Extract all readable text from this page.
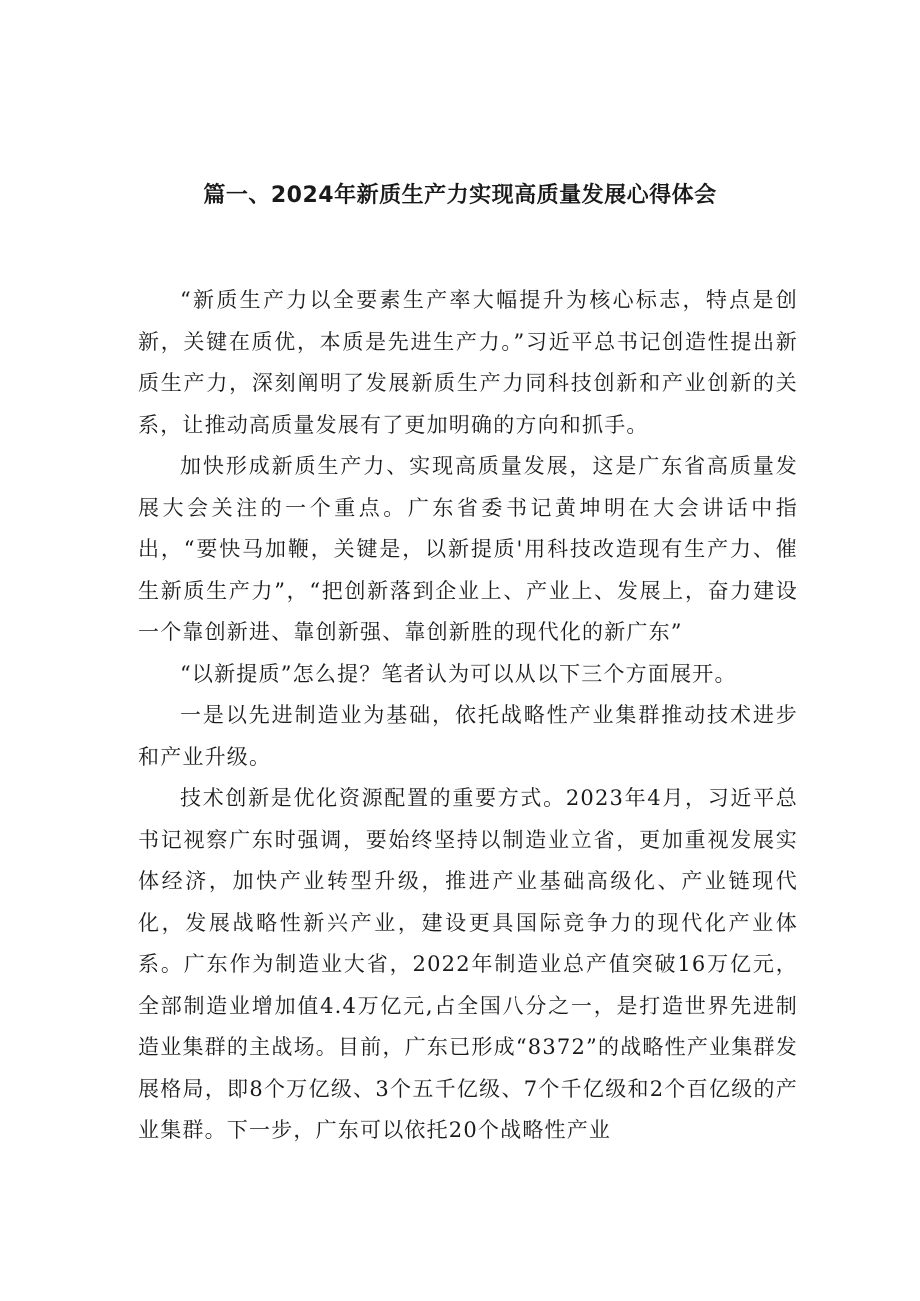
篇一、2024年新质生产力实现高质量发展心得体会

“新质生产力以全要素生产率大幅提升为核心标志，特点是创新，关键在质优，本质是先进生产力。”习近平总书记创造性提出新质生产力，深刻阐明了发展新质生产力同科技创新和产业创新的关系，让推动高质量发展有了更加明确的方向和抓手。

加快形成新质生产力、实现高质量发展，这是广东省高质量发展大会关注的一个重点。广东省委书记黄坤明在大会讲话中指出，“要快马加鞭，关键是，以新提质'用科技改造现有生产力、催生新质生产力”，“把创新落到企业上、产业上、发展上，奋力建设一个靠创新进、靠创新强、靠创新胜的现代化的新广东”

“以新提质”怎么提？笔者认为可以从以下三个方面展开。

一是以先进制造业为基础，依托战略性产业集群推动技术进步和产业升级。

技术创新是优化资源配置的重要方式。2023年4月，习近平总书记视察广东时强调，要始终坚持以制造业立省，更加重视发展实体经济，加快产业转型升级，推进产业基础高级化、产业链现代化，发展战略性新兴产业，建设更具国际竞争力的现代化产业体系。广东作为制造业大省，2022年制造业总产值突破16万亿元，全部制造业增加值4.4万亿元,占全国八分之一，是打造世界先进制造业集群的主战场。目前，广东已形成“8372”的战略性产业集群发展格局，即8个万亿级、3个五千亿级、7个千亿级和2个百亿级的产业集群。下一步，广东可以依托20个战略性产业
